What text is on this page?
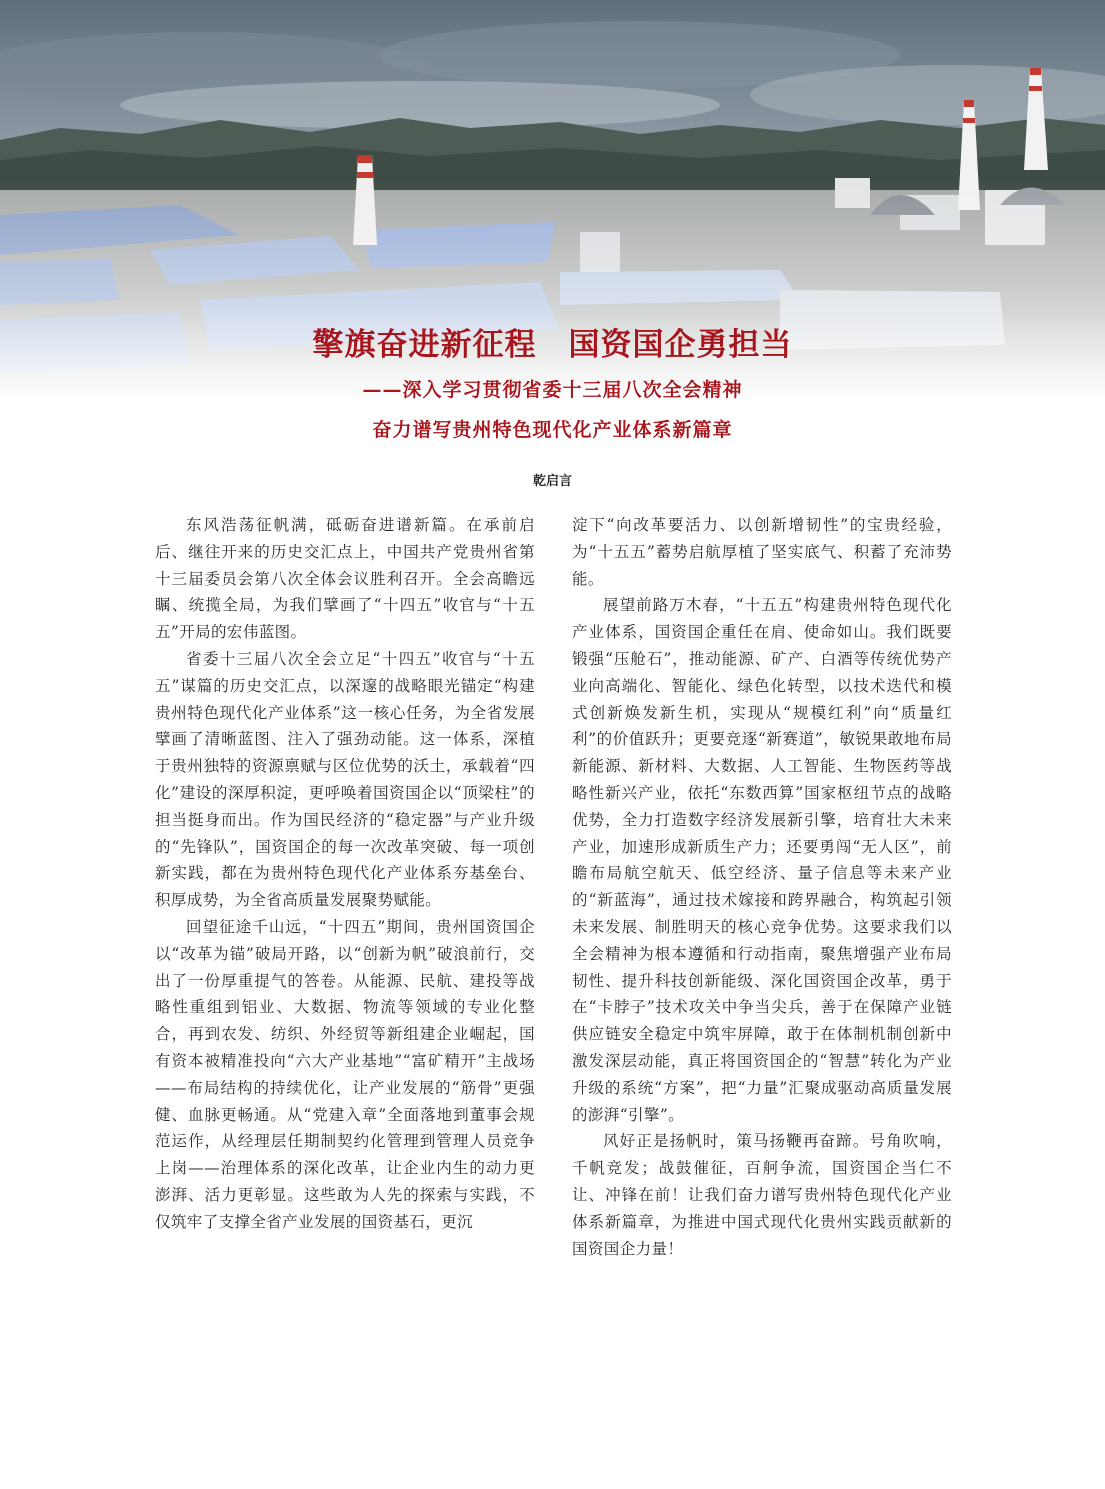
擎旗奋进新征程　国资国企勇担当
——深入学习贯彻省委十三届八次全会精神
奋力谱写贵州特色现代化产业体系新篇章
乾启言

东风浩荡征帆满，砥砺奋进谱新篇。在承前启后、继往开来的历史交汇点上，中国共产党贵州省第十三届委员会第八次全体会议胜利召开。全会高瞻远瞩、统揽全局，为我们擘画了“十四五”收官与“十五五”开局的宏伟蓝图。

省委十三届八次全会立足“十四五”收官与“十五五”谋篇的历史交汇点，以深邃的战略眼光锚定“构建贵州特色现代化产业体系”这一核心任务，为全省发展擘画了清晰蓝图、注入了强劲动能。这一体系，深植于贵州独特的资源禀赋与区位优势的沃土，承载着“四化”建设的深厚积淀，更呼唤着国资国企以“顶梁柱”的担当挺身而出。作为国民经济的“稳定器”与产业升级的“先锋队”，国资国企的每一次改革突破、每一项创新实践，都在为贵州特色现代化产业体系夯基垒台、积厚成势，为全省高质量发展聚势赋能。

回望征途千山远，“十四五”期间，贵州国资国企以“改革为锚”破局开路，以“创新为帆”破浪前行，交出了一份厚重提气的答卷。从能源、民航、建投等战略性重组到铝业、大数据、物流等领域的专业化整合，再到农发、纺织、外经贸等新组建企业崛起，国有资本被精准投向“六大产业基地”“富矿精开”主战场——布局结构的持续优化，让产业发展的“筋骨”更强健、血脉更畅通。从“党建入章”全面落地到董事会规范运作，从经理层任期制契约化管理到管理人员竞争上岗——治理体系的深化改革，让企业内生的动力更澎湃、活力更彰显。这些敢为人先的探索与实践，不仅筑牢了支撑全省产业发展的国资基石，更沉

淀下“向改革要活力、以创新增韧性”的宝贵经验，为“十五五”蓄势启航厚植了坚实底气、积蓄了充沛势能。

展望前路万木春，“十五五”构建贵州特色现代化产业体系，国资国企重任在肩、使命如山。我们既要锻强“压舱石”，推动能源、矿产、白酒等传统优势产业向高端化、智能化、绿色化转型，以技术迭代和模式创新焕发新生机，实现从“规模红利”向“质量红利”的价值跃升；更要竞逐“新赛道”，敏锐果敢地布局新能源、新材料、大数据、人工智能、生物医药等战略性新兴产业，依托“东数西算”国家枢纽节点的战略优势，全力打造数字经济发展新引擎，培育壮大未来产业，加速形成新质生产力；还要勇闯“无人区”，前瞻布局航空航天、低空经济、量子信息等未来产业的“新蓝海”，通过技术嫁接和跨界融合，构筑起引领未来发展、制胜明天的核心竞争优势。这要求我们以全会精神为根本遵循和行动指南，聚焦增强产业布局韧性、提升科技创新能级、深化国资国企改革，勇于在“卡脖子”技术攻关中争当尖兵，善于在保障产业链供应链安全稳定中筑牢屏障，敢于在体制机制创新中激发深层动能，真正将国资国企的“智慧”转化为产业升级的系统“方案”，把“力量”汇聚成驱动高质量发展的澎湃“引擎”。

风好正是扬帆时，策马扬鞭再奋蹄。号角吹响，千帆竞发；战鼓催征，百舸争流，国资国企当仁不让、冲锋在前！让我们奋力谱写贵州特色现代化产业体系新篇章，为推进中国式现代化贵州实践贡献新的国资国企力量！
